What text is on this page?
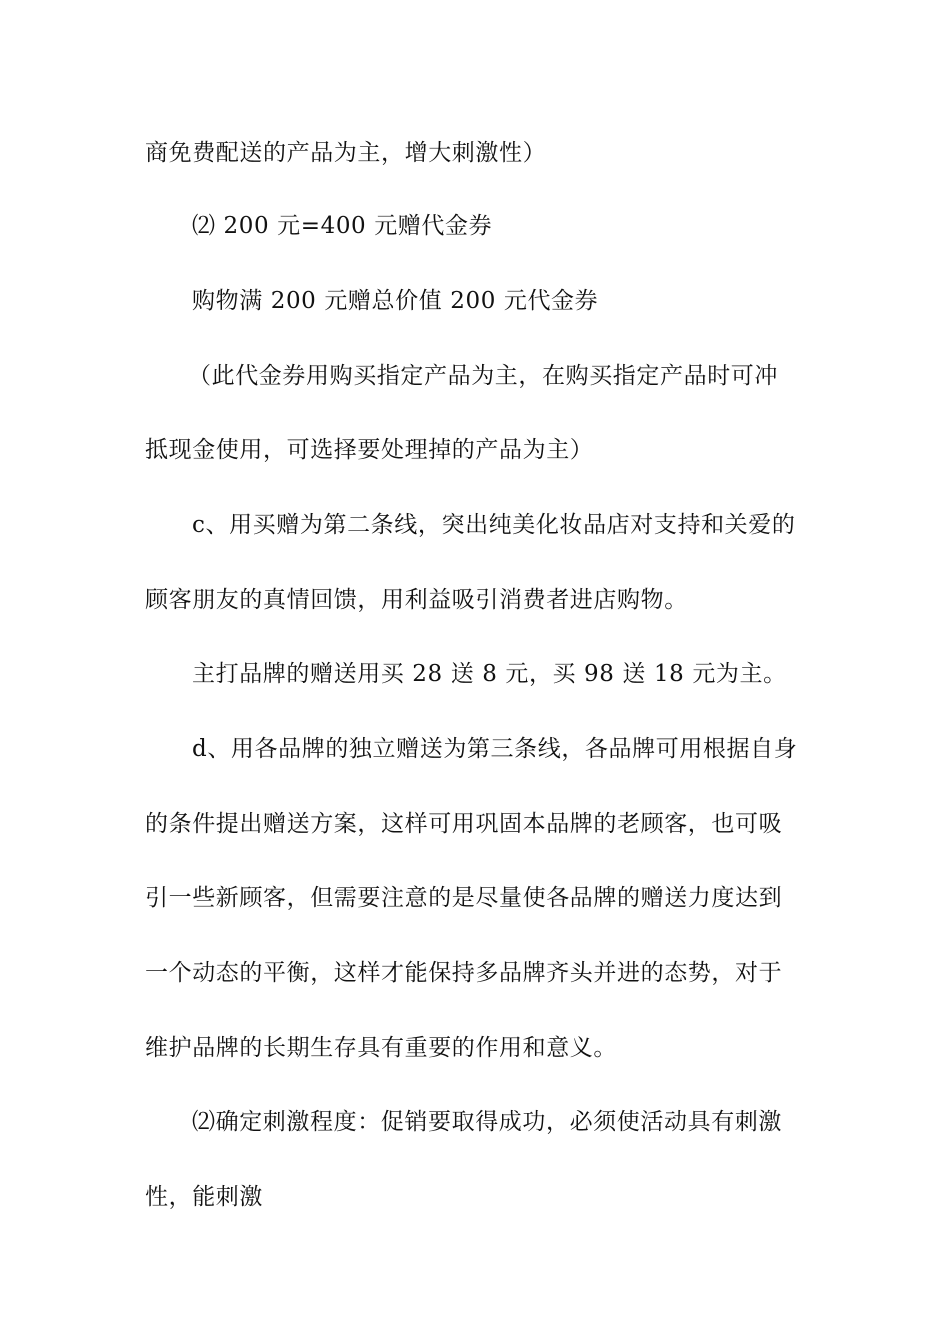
商免费配送的产品为主，增大刺激性）
⑵ 200 元=400 元赠代金券
购物满 200 元赠总价值 200 元代金券
（此代金券用购买指定产品为主，在购买指定产品时可冲
抵现金使用，可选择要处理掉的产品为主）
c、用买赠为第二条线，突出纯美化妆品店对支持和关爱的
顾客朋友的真情回馈，用利益吸引消费者进店购物。
主打品牌的赠送用买 28 送 8 元，买 98 送 18 元为主。
d、用各品牌的独立赠送为第三条线，各品牌可用根据自身
的条件提出赠送方案，这样可用巩固本品牌的老顾客，也可吸
引一些新顾客，但需要注意的是尽量使各品牌的赠送力度达到
一个动态的平衡，这样才能保持多品牌齐头并进的态势，对于
维护品牌的长期生存具有重要的作用和意义。
⑵确定刺激程度：促销要取得成功，必须使活动具有刺激
性，能刺激
